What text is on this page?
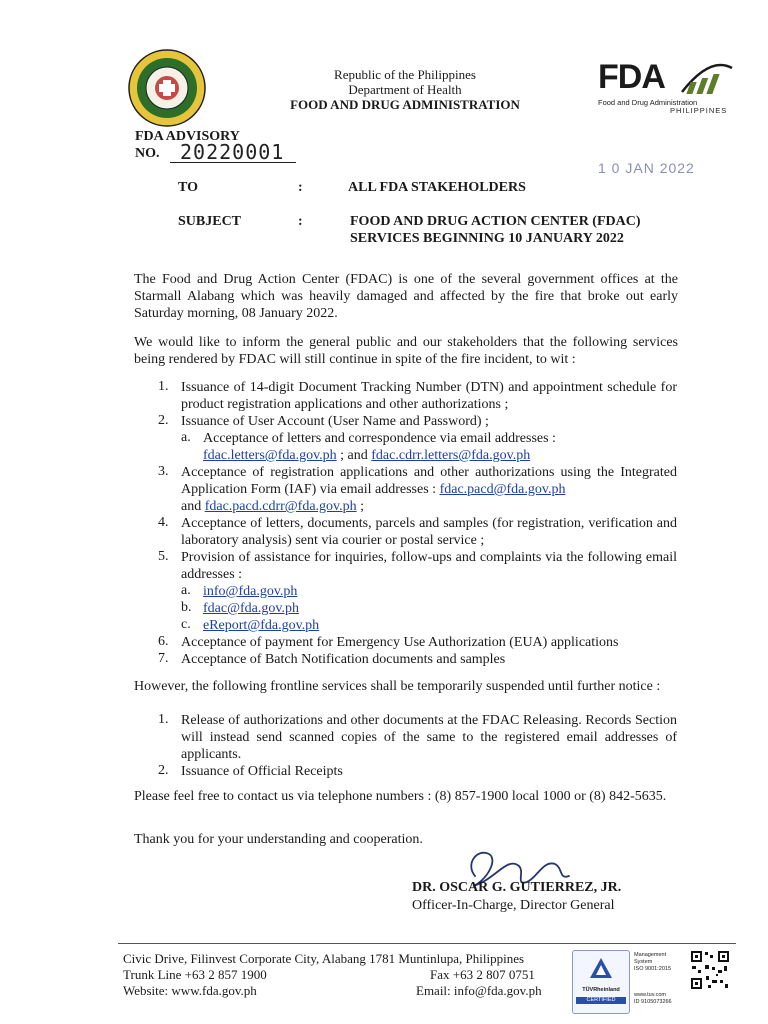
Republic of the Philippines
Department of Health
FOOD AND DRUG ADMINISTRATION
FDA
Food and Drug Administration
PHILIPPINES
FDA ADVISORY
NO. 20220001
1 0 JAN 2022
TO	:	ALL FDA STAKEHOLDERS
SUBJECT	:	FOOD AND DRUG ACTION CENTER (FDAC)
SERVICES BEGINNING 10 JANUARY 2022
The Food and Drug Action Center (FDAC) is one of the several government offices at the Starmall Alabang which was heavily damaged and affected by the fire that broke out early Saturday morning, 08 January 2022.
We would like to inform the general public and our stakeholders that the following services being rendered by FDAC will still continue in spite of the fire incident, to wit :
1. Issuance of 14-digit Document Tracking Number (DTN) and appointment schedule for product registration applications and other authorizations ;
2. Issuance of User Account (User Name and Password) ;
a. Acceptance of letters and correspondence via email addresses :
fdac.letters@fda.gov.ph ; and fdac.cdrr.letters@fda.gov.ph
3. Acceptance of registration applications and other authorizations using the Integrated Application Form (IAF) via email addresses : fdac.pacd@fda.gov.ph
and fdac.pacd.cdrr@fda.gov.ph ;
4. Acceptance of letters, documents, parcels and samples (for registration, verification and laboratory analysis) sent via courier or postal service ;
5. Provision of assistance for inquiries, follow-ups and complaints via the following email addresses :
a. info@fda.gov.ph
b. fdac@fda.gov.ph
c. eReport@fda.gov.ph
6. Acceptance of payment for Emergency Use Authorization (EUA) applications
7. Acceptance of Batch Notification documents and samples
However, the following frontline services shall be temporarily suspended until further notice :
1. Release of authorizations and other documents at the FDAC Releasing. Records Section will instead send scanned copies of the same to the registered email addresses of applicants.
2. Issuance of Official Receipts
Please feel free to contact us via telephone numbers : (8) 857-1900 local 1000 or (8) 842-5635.
Thank you for your understanding and cooperation.
DR. OSCAR G. GUTIERREZ, JR.
Officer-In-Charge, Director General
Civic Drive, Filinvest Corporate City, Alabang 1781 Muntinlupa, Philippines
Trunk Line +63 2 857 1900	Fax +63 2 807 0751
Website: www.fda.gov.ph	Email: info@fda.gov.ph	TÜVRheinland
CERTIFIED
Management
System
ISO 9001:2015
www.tuv.com
ID 9105073266
